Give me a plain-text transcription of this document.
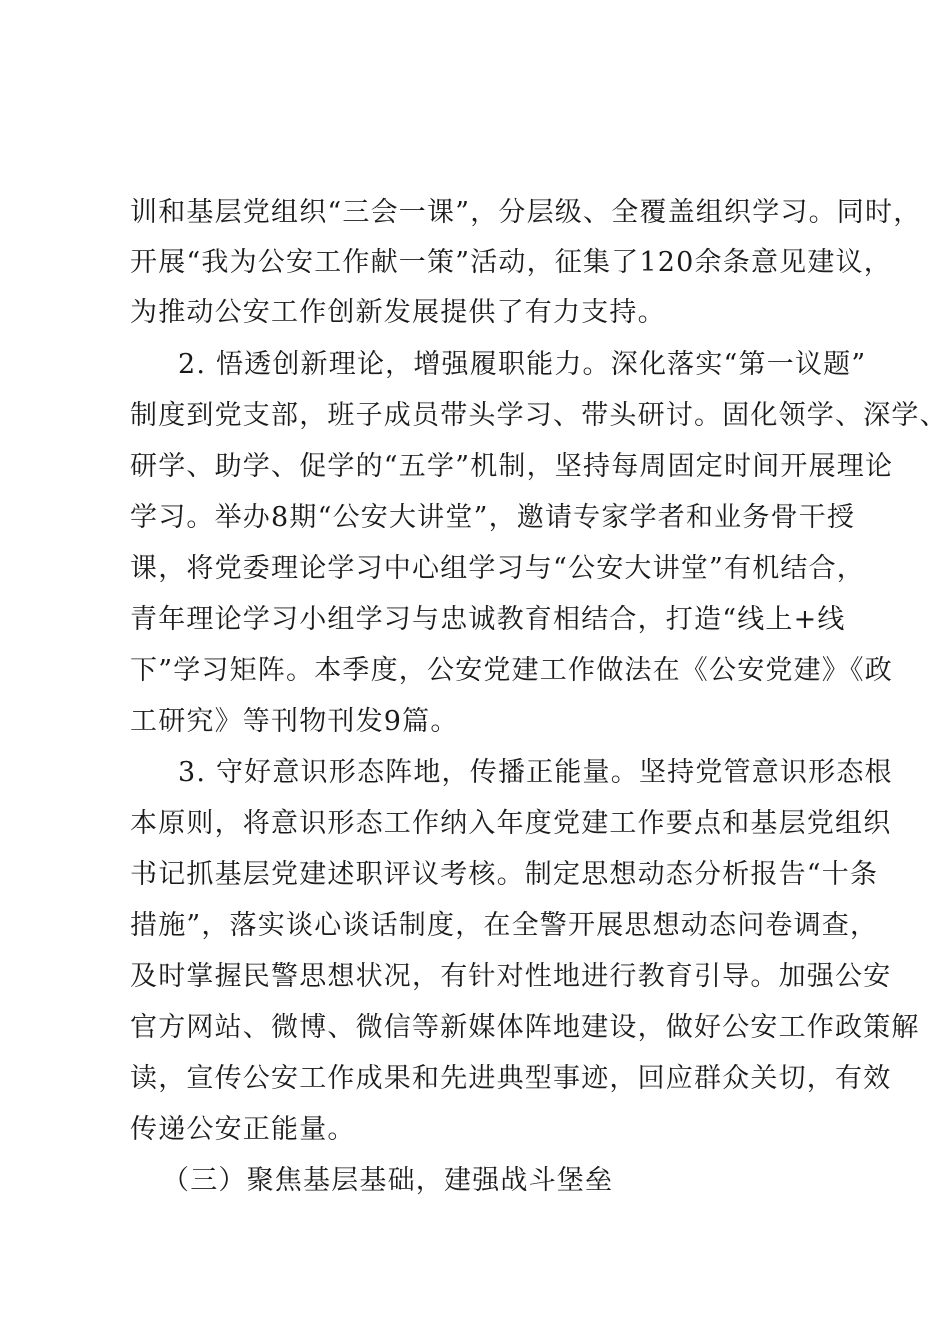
训和基层党组织“三会一课”，分层级、全覆盖组织学习。同时，
开展“我为公安工作献一策”活动，征集了120余条意见建议，
为推动公安工作创新发展提供了有力支持。
2. 悟透创新理论，增强履职能力。深化落实“第一议题”
制度到党支部，班子成员带头学习、带头研讨。固化领学、深学、
研学、助学、促学的“五学”机制，坚持每周固定时间开展理论
学习。举办8期“公安大讲堂”，邀请专家学者和业务骨干授
课，将党委理论学习中心组学习与“公安大讲堂”有机结合，
青年理论学习小组学习与忠诚教育相结合，打造“线上+线
下”学习矩阵。本季度，公安党建工作做法在《公安党建》《政
工研究》等刊物刊发9篇。
3. 守好意识形态阵地，传播正能量。坚持党管意识形态根
本原则，将意识形态工作纳入年度党建工作要点和基层党组织
书记抓基层党建述职评议考核。制定思想动态分析报告“十条
措施”，落实谈心谈话制度，在全警开展思想动态问卷调查，
及时掌握民警思想状况，有针对性地进行教育引导。加强公安
官方网站、微博、微信等新媒体阵地建设，做好公安工作政策解
读，宣传公安工作成果和先进典型事迹，回应群众关切，有效
传递公安正能量。
（三）聚焦基层基础，建强战斗堡垒
